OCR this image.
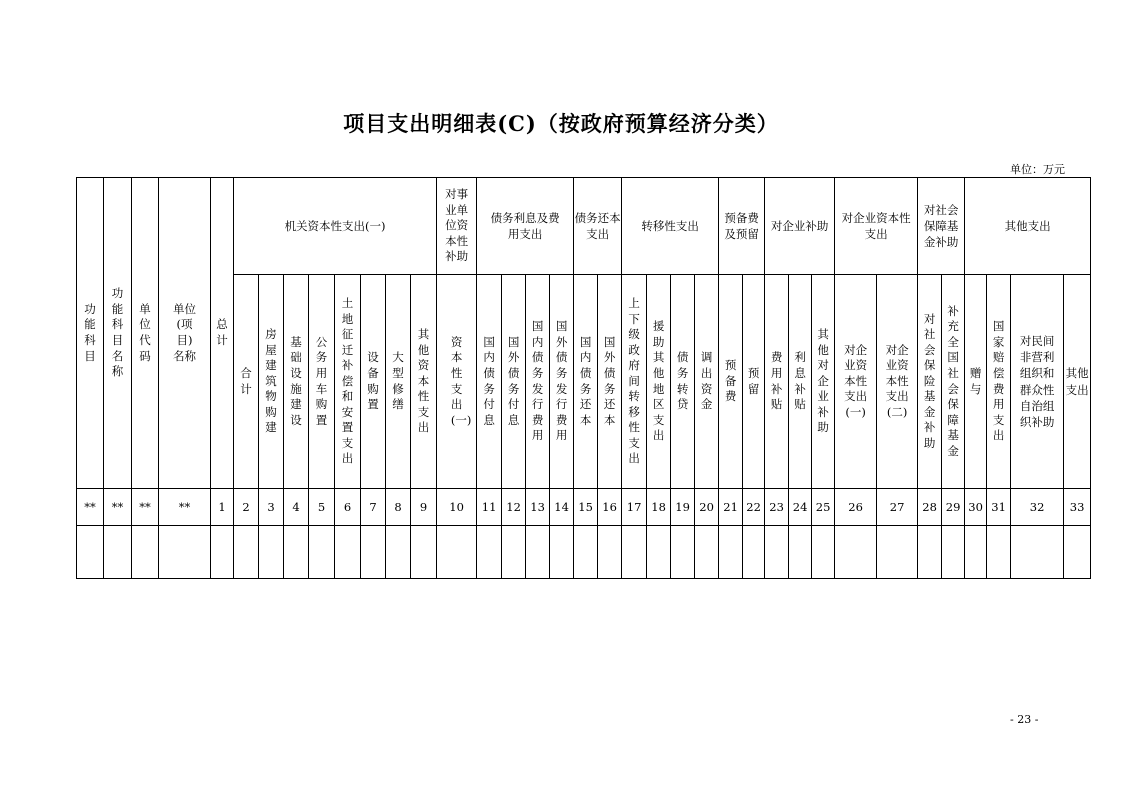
项目支出明细表(C)（按政府预算经济分类）
单位：万元
功能科目	功能科目名称	单位代码	单位(项目)名称	总计	机关资本性支出(一)								对事业单位资本性补助	债务利息及费用支出				债务还本支出		转移性支出				预备费及预留		对企业补助			对企业资本性支出		对社会保障基金补助		其他支出			
					合计	房屋建筑物购建	基础设施建设	公务用车购置	土地征迁补偿和安置支出	设备购置	大型修缮	其他资本性支出	资本性支出(一)	国内债务付息	国外债务付息	国内债务发行费用	国外债务发行费用	国内债务还本	国外债务还本	上下级政府间转移性支出	援助其他地区支出	债务转贷	调出资金	预备费	预留	费用补贴	利息补贴	其他对企业补助	对企业资本性支出(一)	对企业资本性支出(二)	对社会保险基金补助	补充全国社会保障基金	赠与	国家赔偿费用支出	对民间非营利组织和群众性自治组织补助	其他支出
**	**	**	**	1	2	3	4	5	6	7	8	9	10	11	12	13	14	15	16	17	18	19	20	21	22	23	24	25	26	27	28	29	30	31	32	33

- 23 -
